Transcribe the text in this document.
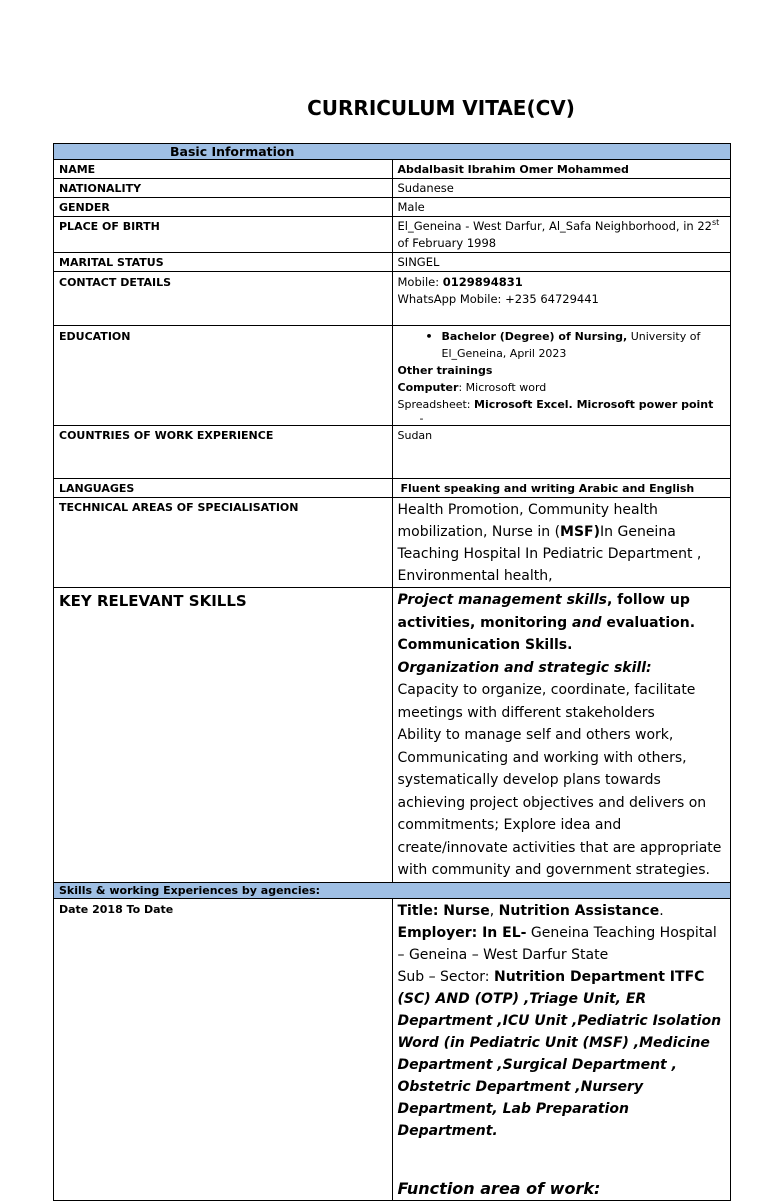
CURRICULUM VITAE(CV)
Basic Information	
NAME	Abdalbasit Ibrahim Omer Mohammed
NATIONALITY	Sudanese
GENDER	Male
PLACE OF BIRTH	El_Geneina - West Darfur, Al_Safa Neighborhood, in 22st of February 1998
MARITAL STATUS	SINGEL
CONTACT DETAILS	Mobile: 0129894831
WhatsApp Mobile: +235 64729441

EDUCATION	• Bachelor (Degree) of Nursing, University of El_Geneina, April 2023
Other trainings
Computer: Microsoft word
Spreadsheet: Microsoft Excel. Microsoft power point
-

COUNTRIES OF WORK EXPERIENCE	Sudan
LANGUAGES	Fluent speaking and writing Arabic and English
TECHNICAL AREAS OF SPECIALISATION	Health Promotion, Community health mobilization, Nurse in (MSF)In Geneina Teaching Hospital In Pediatric Department , Environmental health,
KEY RELEVANT SKILLS	Project management skills, follow up activities, monitoring and evaluation. Communication Skills.
Organization and strategic skill:
Capacity to organize, coordinate, facilitate meetings with different stakeholders
Ability to manage self and others work, Communicating and working with others, systematically develop plans towards achieving project objectives and delivers on commitments; Explore idea and create/innovate activities that are appropriate with community and government strategies.

Skills & working Experiences by agencies:	
Date 2018 To Date	Title: Nurse, Nutrition Assistance.
Employer: In EL- Geneina Teaching Hospital – Geneina – West Darfur State
Sub – Sector: Nutrition Department ITFC (SC) AND (OTP) ,Triage Unit, ER Department ,ICU Unit ,Pediatric Isolation Word (in Pediatric Unit (MSF) ,Medicine Department ,Surgical Department , Obstetric Department ,Nursery Department, Lab Preparation Department.
Function area of work:
